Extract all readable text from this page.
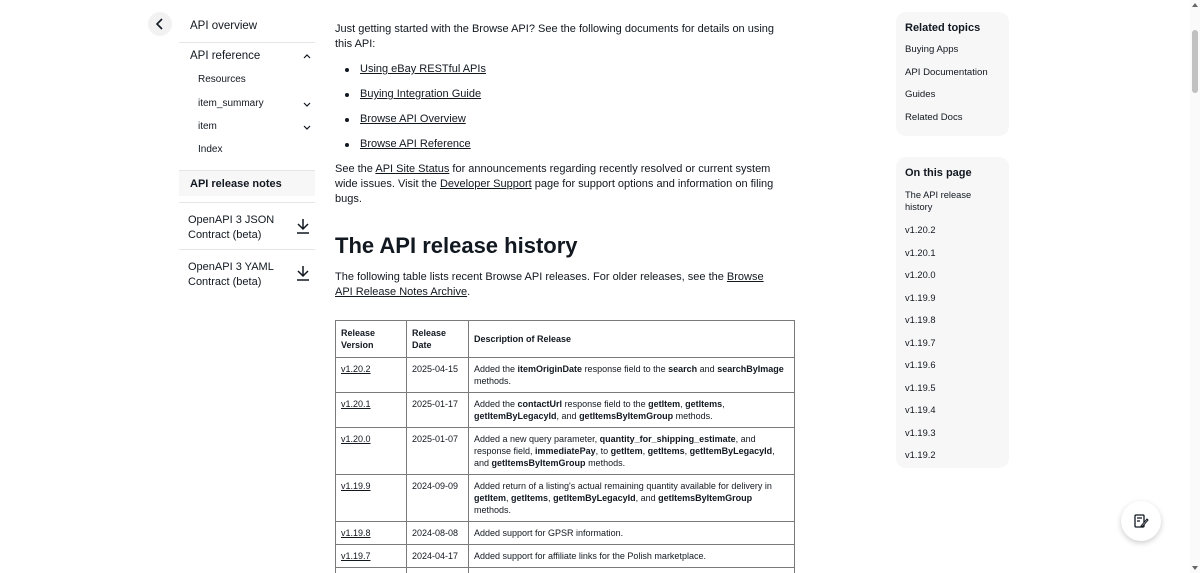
API overview
API reference
Resources
item_summary
item
Index
API release notes
OpenAPI 3 JSON
Contract (beta)
OpenAPI 3 YAML
Contract (beta)

Just getting started with the Browse API? See the following documents for details on using this API:

Using eBay RESTful APIs
Buying Integration Guide
Browse API Overview
Browse API Reference

See the API Site Status for announcements regarding recently resolved or current system wide issues. Visit the Developer Support page for support options and information on filing bugs.

The API release history

The following table lists recent Browse API releases. For older releases, see the Browse API Release Notes Archive.

Release Version	Release Date	Description of Release
v1.20.2	2025-04-15	Added the itemOriginDate response field to the search and searchByImage methods.
v1.20.1	2025-01-17	Added the contactUrl response field to the getItem, getItems, getItemByLegacyId, and getItemsByItemGroup methods.
v1.20.0	2025-01-07	Added a new query parameter, quantity_for_shipping_estimate, and response field, immediatePay, to getItem, getItems, getItemByLegacyId, and getItemsByItemGroup methods.
v1.19.9	2024-09-09	Added return of a listing's actual remaining quantity available for delivery in getItem, getItems, getItemByLegacyId, and getItemsByItemGroup methods.
v1.19.8	2024-08-08	Added support for GPSR information.
v1.19.7	2024-04-17	Added support for affiliate links for the Polish marketplace.

Related topics
Buying Apps
API Documentation
Guides
Related Docs
On this page
The API release history
v1.20.2
v1.20.1
v1.20.0
v1.19.9
v1.19.8
v1.19.7
v1.19.6
v1.19.5
v1.19.4
v1.19.3
v1.19.2
